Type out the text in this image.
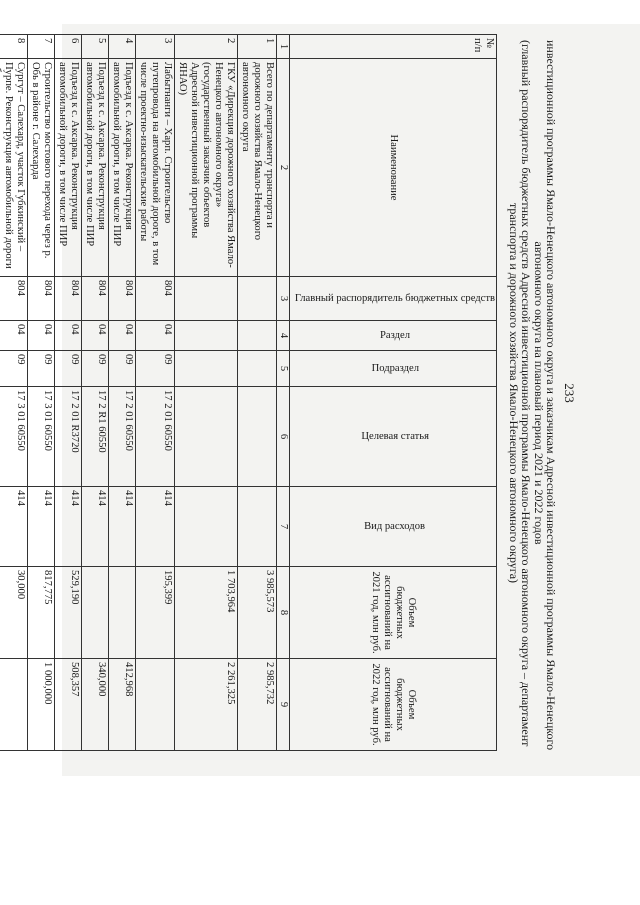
233
инвестиционной программы Ямало-Ненецкого автономного округа и заказчикам Адресной инвестиционной программы Ямало-Ненецкого
автономного округа на плановый период 2021 и 2022 годов
(главный распорядитель бюджетных средств Адресной инвестиционной программы Ямало-Ненецкого автономного округа – департамент
транспорта и дорожного хозяйства Ямало-Ненецкого автономного округа)
№ п/п	Наименование	Главный распорядитель бюджетных средств	Раздел	Подраздел	Целевая статья	Вид расходов	Объем бюджетных ассигнований на 2021 год, млн руб.	Объем бюджетных ассигнований на 2022 год, млн руб.
1	2	3	4	5	6	7	8	9
1	Всего по департаменту транспорта и дорожного хозяйства Ямало-Ненецкого автономного округа						3 985,573	2 985,732
2	ГКУ «Дирекция дорожного хозяйства Ямало-Ненецкого автономного округа» (государственный заказчик объектов Адресной инвестиционной программы ЯНАО)						1 703,964	2 261,325
3	Лабытнанги – Харп. Строительство путепровода на автомобильной дороге, в том числе проектно-изыскательские работы	804	04	09	17 2 01 60550	414	195,399	
4	Подъезд к с. Аксарка. Реконструкция автомобильной дороги, в том числе ПИР	804	04	09	17 2 01 60550	414		412,968
5	Подъезд к с. Аксарка. Реконструкция автомобильной дороги, в том числе ПИР	804	04	09	17 2 R1 60550	414		340,000
6	Подъезд к с. Аксарка. Реконструкция автомобильной дороги, в том числе ПИР	804	04	09	17 2 01 R3720	414	529,190	508,357
7	Строительство мостового перехода через р. Обь в районе г. Салехарда	804	04	09	17 3 01 60550	414	817,775	1 000,000
8	Сургут – Салехард, участок Губкинский – Пурпе. Реконструкция автомобильной дороги	804	04	09	17 3 01 60550	414	30,000	
